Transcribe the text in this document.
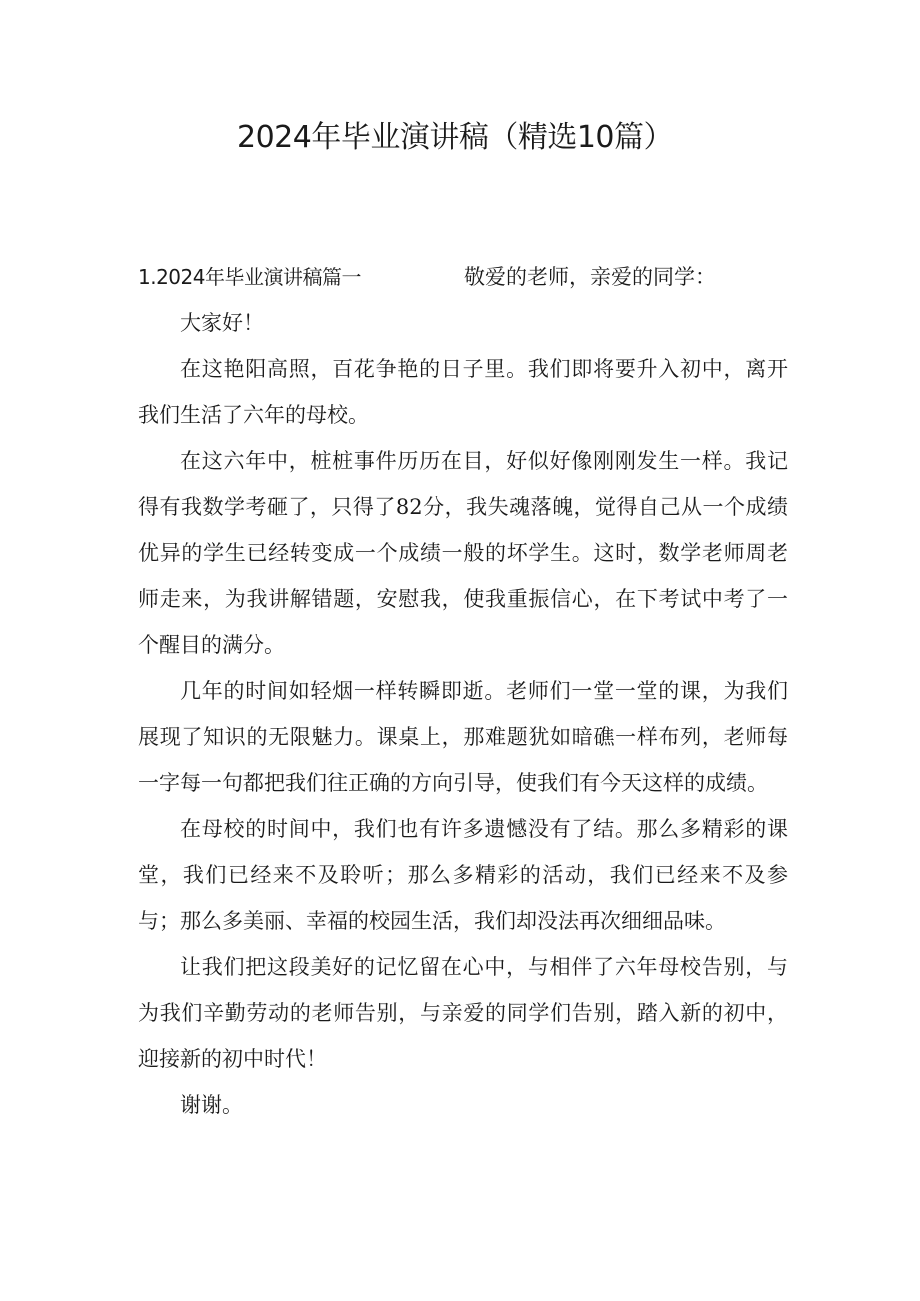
2024年毕业演讲稿（精选10篇）
1.2024年毕业演讲稿篇一	敬爱的老师，亲爱的同学：

大家好！

在这艳阳高照，百花争艳的日子里。我们即将要升入初中，离开我们生活了六年的母校。

在这六年中，桩桩事件历历在目，好似好像刚刚发生一样。我记得有我数学考砸了，只得了82分，我失魂落魄，觉得自己从一个成绩优异的学生已经转变成一个成绩一般的坏学生。这时，数学老师周老师走来，为我讲解错题，安慰我，使我重振信心，在下考试中考了一个醒目的满分。

几年的时间如轻烟一样转瞬即逝。老师们一堂一堂的课，为我们展现了知识的无限魅力。课桌上，那难题犹如暗礁一样布列，老师每一字每一句都把我们往正确的方向引导，使我们有今天这样的成绩。

在母校的时间中，我们也有许多遗憾没有了结。那么多精彩的课堂，我们已经来不及聆听；那么多精彩的活动，我们已经来不及参与；那么多美丽、幸福的校园生活，我们却没法再次细细品味。

让我们把这段美好的记忆留在心中，与相伴了六年母校告别，与为我们辛勤劳动的老师告别，与亲爱的同学们告别，踏入新的初中，迎接新的初中时代！

谢谢。
